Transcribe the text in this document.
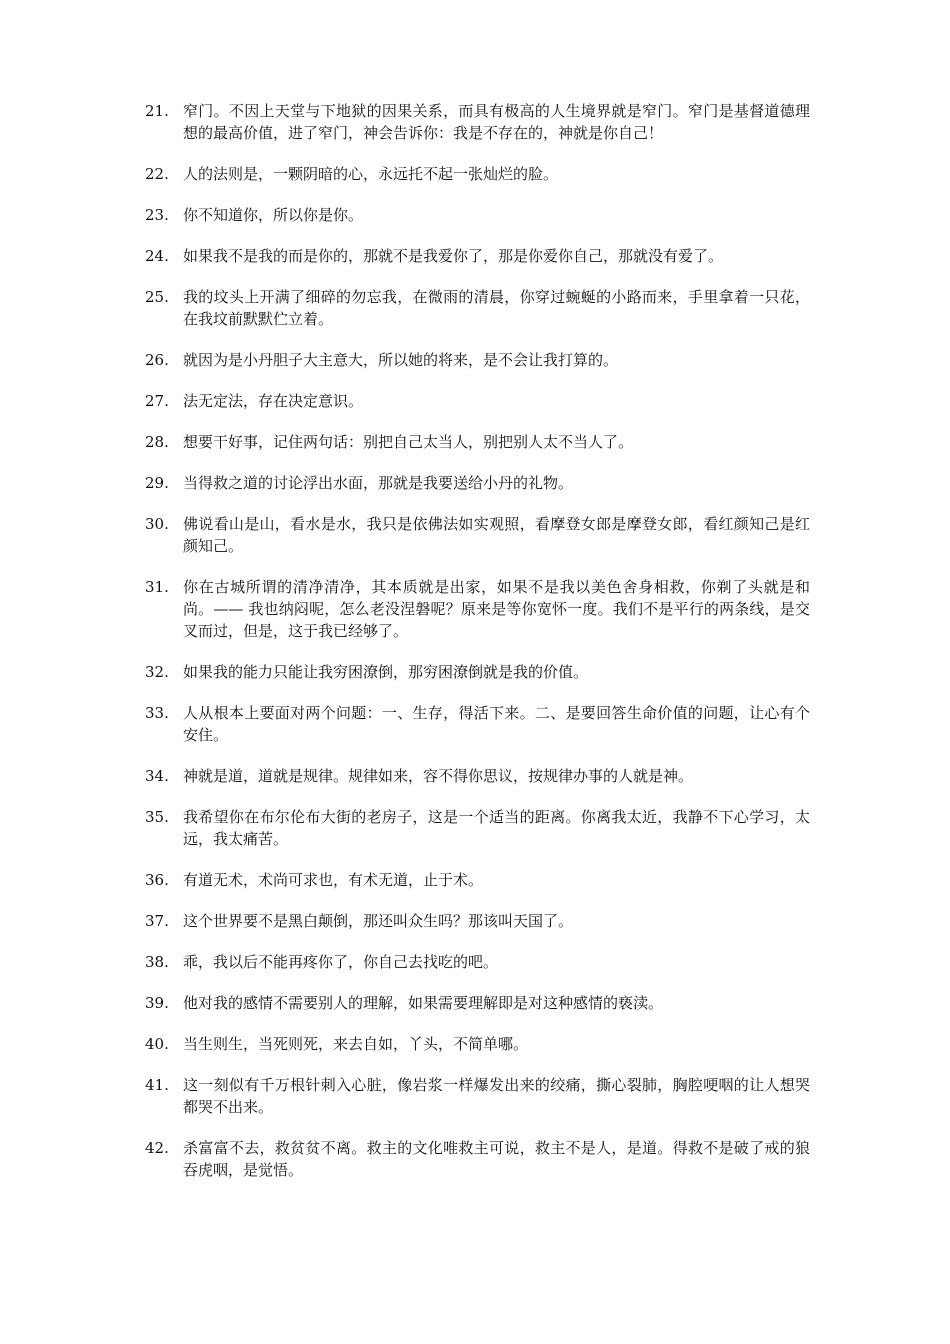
21. 窄门。不因上天堂与下地狱的因果关系，而具有极高的人生境界就是窄门。窄门是基督道德理想的最高价值，进了窄门，神会告诉你：我是不存在的，神就是你自己！
22. 人的法则是，一颗阴暗的心，永远托不起一张灿烂的脸。
23. 你不知道你，所以你是你。
24. 如果我不是我的而是你的，那就不是我爱你了，那是你爱你自己，那就没有爱了。
25. 我的坟头上开满了细碎的勿忘我，在微雨的清晨，你穿过蜿蜒的小路而来，手里拿着一只花，在我坟前默默伫立着。
26. 就因为是小丹胆子大主意大，所以她的将来，是不会让我打算的。
27. 法无定法，存在决定意识。
28. 想要干好事，记住两句话：别把自己太当人，别把别人太不当人了。
29. 当得救之道的讨论浮出水面，那就是我要送给小丹的礼物。
30. 佛说看山是山，看水是水，我只是依佛法如实观照，看摩登女郎是摩登女郎，看红颜知己是红颜知己。
31. 你在古城所谓的清净清净，其本质就是出家，如果不是我以美色舍身相救，你剃了头就是和尚。—— 我也纳闷呢，怎么老没涅磐呢？原来是等你宽怀一度。我们不是平行的两条线，是交叉而过，但是，这于我已经够了。
32. 如果我的能力只能让我穷困潦倒，那穷困潦倒就是我的价值。
33. 人从根本上要面对两个问题：一、生存，得活下来。二、是要回答生命价值的问题，让心有个安住。
34. 神就是道，道就是规律。规律如来，容不得你思议，按规律办事的人就是神。
35. 我希望你在布尔伦布大街的老房子，这是一个适当的距离。你离我太近，我静不下心学习，太远，我太痛苦。
36. 有道无术，术尚可求也，有术无道，止于术。
37. 这个世界要不是黑白颠倒，那还叫众生吗？那该叫天国了。
38. 乖，我以后不能再疼你了，你自己去找吃的吧。
39. 他对我的感情不需要别人的理解，如果需要理解即是对这种感情的亵渎。
40. 当生则生，当死则死，来去自如，丫头，不简单哪。
41. 这一刻似有千万根针刺入心脏，像岩浆一样爆发出来的绞痛，撕心裂肺，胸腔哽咽的让人想哭都哭不出来。
42. 杀富富不去，救贫贫不离。救主的文化唯救主可说，救主不是人，是道。得救不是破了戒的狼吞虎咽，是觉悟。
